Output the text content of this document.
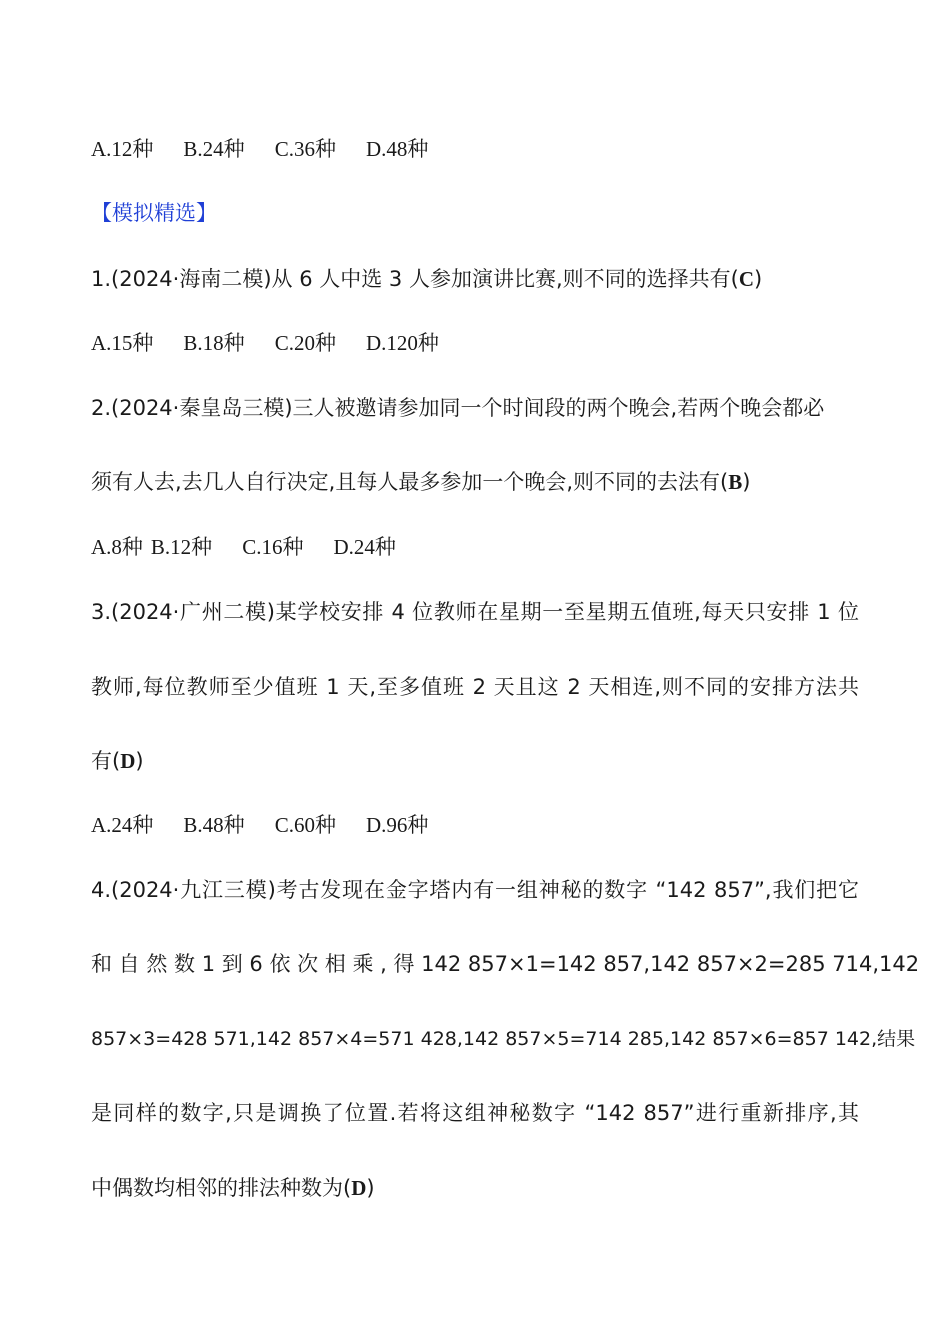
A.12种 B.24种 C.36种 D.48种

【模拟精选】

1.(2024·海南二模)从 6 人中选 3 人参加演讲比赛,则不同的选择共有(C)

A.15种 B.18种 C.20种 D.120种

2.(2024·秦皇岛三模)三人被邀请参加同一个时间段的两个晚会,若两个晚会都必

须有人去,去几人自行决定,且每人最多参加一个晚会,则不同的去法有(B)

A.8种 B.12种 C.16种 D.24种

3.(2024·广州二模)某学校安排 4 位教师在星期一至星期五值班,每天只安排 1 位

教师,每位教师至少值班 1 天,至多值班 2 天且这 2 天相连,则不同的安排方法共

有(D)

A.24种 B.48种 C.60种 D.96种

4.(2024·九江三模)考古发现在金字塔内有一组神秘的数字 “142 857”,我们把它

和 自 然 数 1 到 6 依 次 相 乘 , 得 142 857×1=142 857,142 857×2=285 714,142

857×3=428 571,142 857×4=571 428,142 857×5=714 285,142 857×6=857 142,结果

是同样的数字,只是调换了位置.若将这组神秘数字 “142 857”进行重新排序,其

中偶数均相邻的排法种数为(D)
